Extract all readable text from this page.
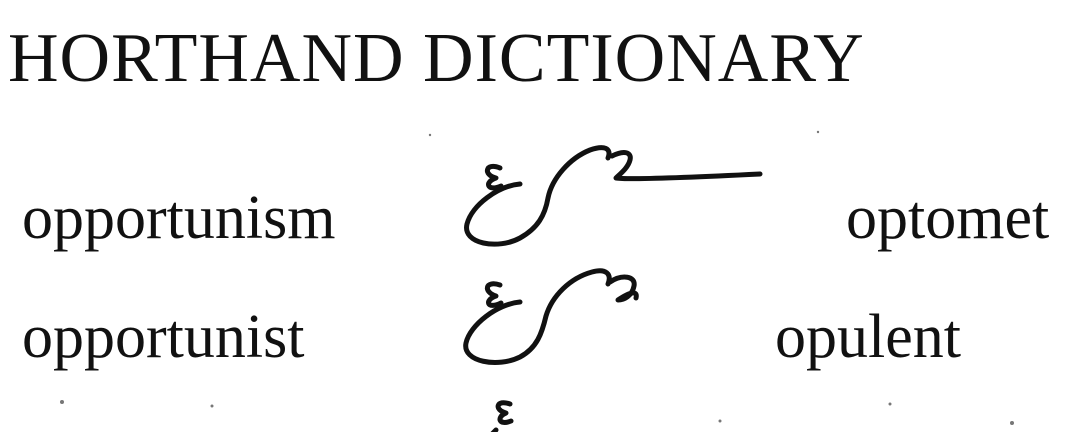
HORTHAND DICTIONARY
opportunism
opportunist
optomet
opulent
